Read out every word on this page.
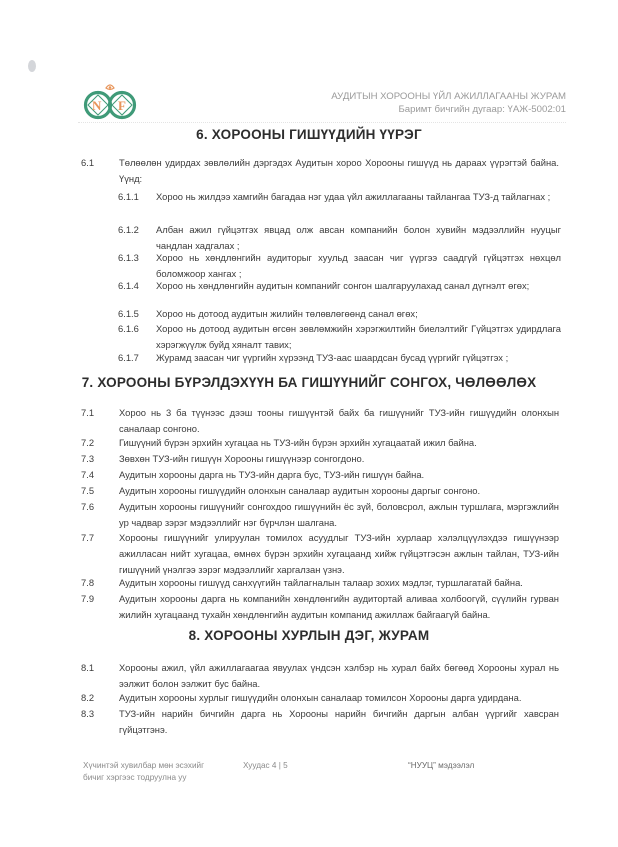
N F
АУДИТЫН ХОРООНЫ ҮЙЛ АЖИЛЛАГААНЫ ЖУРАМ
Баримт бичгийн дугаар: ҮАЖ-5002:01
6. ХОРООНЫ ГИШҮҮДИЙН ҮҮРЭГ
6.1	Төлөөлөн удирдах зөвлөлийн дэргэдэх Аудитын хороо Хорооны гишүүд нь дараах үүрэгтэй байна. Үүнд:
6.1.1 Хороо нь жилдээ хамгийн багадаа нэг удаа үйл ажиллагааны тайлангаа ТУЗ-д тайлагнах ;
6.1.2 Албан ажил гүйцэтгэх явцад олж авсан компанийн болон хувийн мэдээллийн нууцыг чандлан хадгалах ;
6.1.3 Хороо нь хөндлөнгийн аудиторыг хуульд заасан чиг үүргээ саадгүй гүйцэтгэх нөхцөл боломжоор хангах ;
6.1.4 Хороо нь хөндлөнгийн аудитын компанийг сонгон шалгаруулахад санал дүгнэлт өгөх;
6.1.5 Хороо нь дотоод аудитын жилийн төлөвлөгөөнд санал өгөх;
6.1.6 Хороо нь дотоод аудитын өгсөн зөвлөмжийн хэрэгжилтийн биелэлтийг Гүйцэтгэх удирдлага хэрэгжүүлж буйд хяналт тавих;
6.1.7 Журамд заасан чиг үүргийн хүрээнд ТУЗ-аас шаардсан бусад үүргийг гүйцэтгэх ;
7. ХОРООНЫ БҮРЭЛДЭХҮҮН БА ГИШҮҮНИЙГ СОНГОХ, ЧӨЛӨӨЛӨХ
7.1	Хороо нь 3 ба түүнээс дээш тооны гишүүнтэй байх ба гишүүнийг ТУЗ-ийн гишүүдийн олонхын саналаар сонгоно.
7.2	Гишүүний бүрэн эрхийн хугацаа нь ТУЗ-ийн бүрэн эрхийн хугацаатай ижил байна.
7.3	Зөвхөн ТУЗ-ийн гишүүн Хорооны гишүүнээр сонгогдоно.
7.4	Аудитын хорооны дарга нь ТУЗ-ийн дарга бус, ТУЗ-ийн гишүүн байна.
7.5	Аудитын хорооны гишүүдийн олонхын саналаар аудитын хорооны даргыг сонгоно.
7.6	Аудитын хорооны гишүүнийг сонгохдоо гишүүнийн ёс зүй, боловсрол, ажлын туршлага, мэргэжлийн ур чадвар зэрэг мэдээллийг нэг бүрчлэн шалгана.
7.7	Хорооны гишүүнийг улируулан томилох асуудлыг ТУЗ-ийн хурлаар хэлэлцүүлэхдээ гишүүнээр ажилласан нийт хугацаа, өмнөх бүрэн эрхийн хугацаанд хийж гүйцэтгэсэн ажлын тайлан, ТУЗ-ийн гишүүний үнэлгээ зэрэг мэдээллийг харгалзан үзнэ.
7.8	Аудитын хорооны гишүүд санхүүгийн тайлагналын талаар зохих мэдлэг, туршлагатай байна.
7.9	Аудитын хорооны дарга нь компанийн хөндлөнгийн аудитортай аливаа холбоогүй, сүүлийн гурван жилийн хугацаанд тухайн хөндлөнгийн аудитын компанид ажиллаж байгаагүй байна.
8. ХОРООНЫ ХУРЛЫН ДЭГ, ЖУРАМ
8.1	Хорооны ажил, үйл ажиллагаагаа явуулах үндсэн хэлбэр нь хурал байх бөгөөд Хорооны хурал нь ээлжит болон ээлжит бус байна.
8.2	Аудитын хорооны хурлыг гишүүдийн олонхын саналаар томилсон Хорооны дарга удирдана.
8.3	ТУЗ-ийн нарийн бичгийн дарга нь Хорооны нарийн бичгийн даргын албан үүргийг хавсран гүйцэтгэнэ.
Хүчинтэй хувилбар мөн эсэхийг
бичиг хэргээс тодруулна уу
Хуудас 4 | 5	“НУУЦ” мэдээлэл
